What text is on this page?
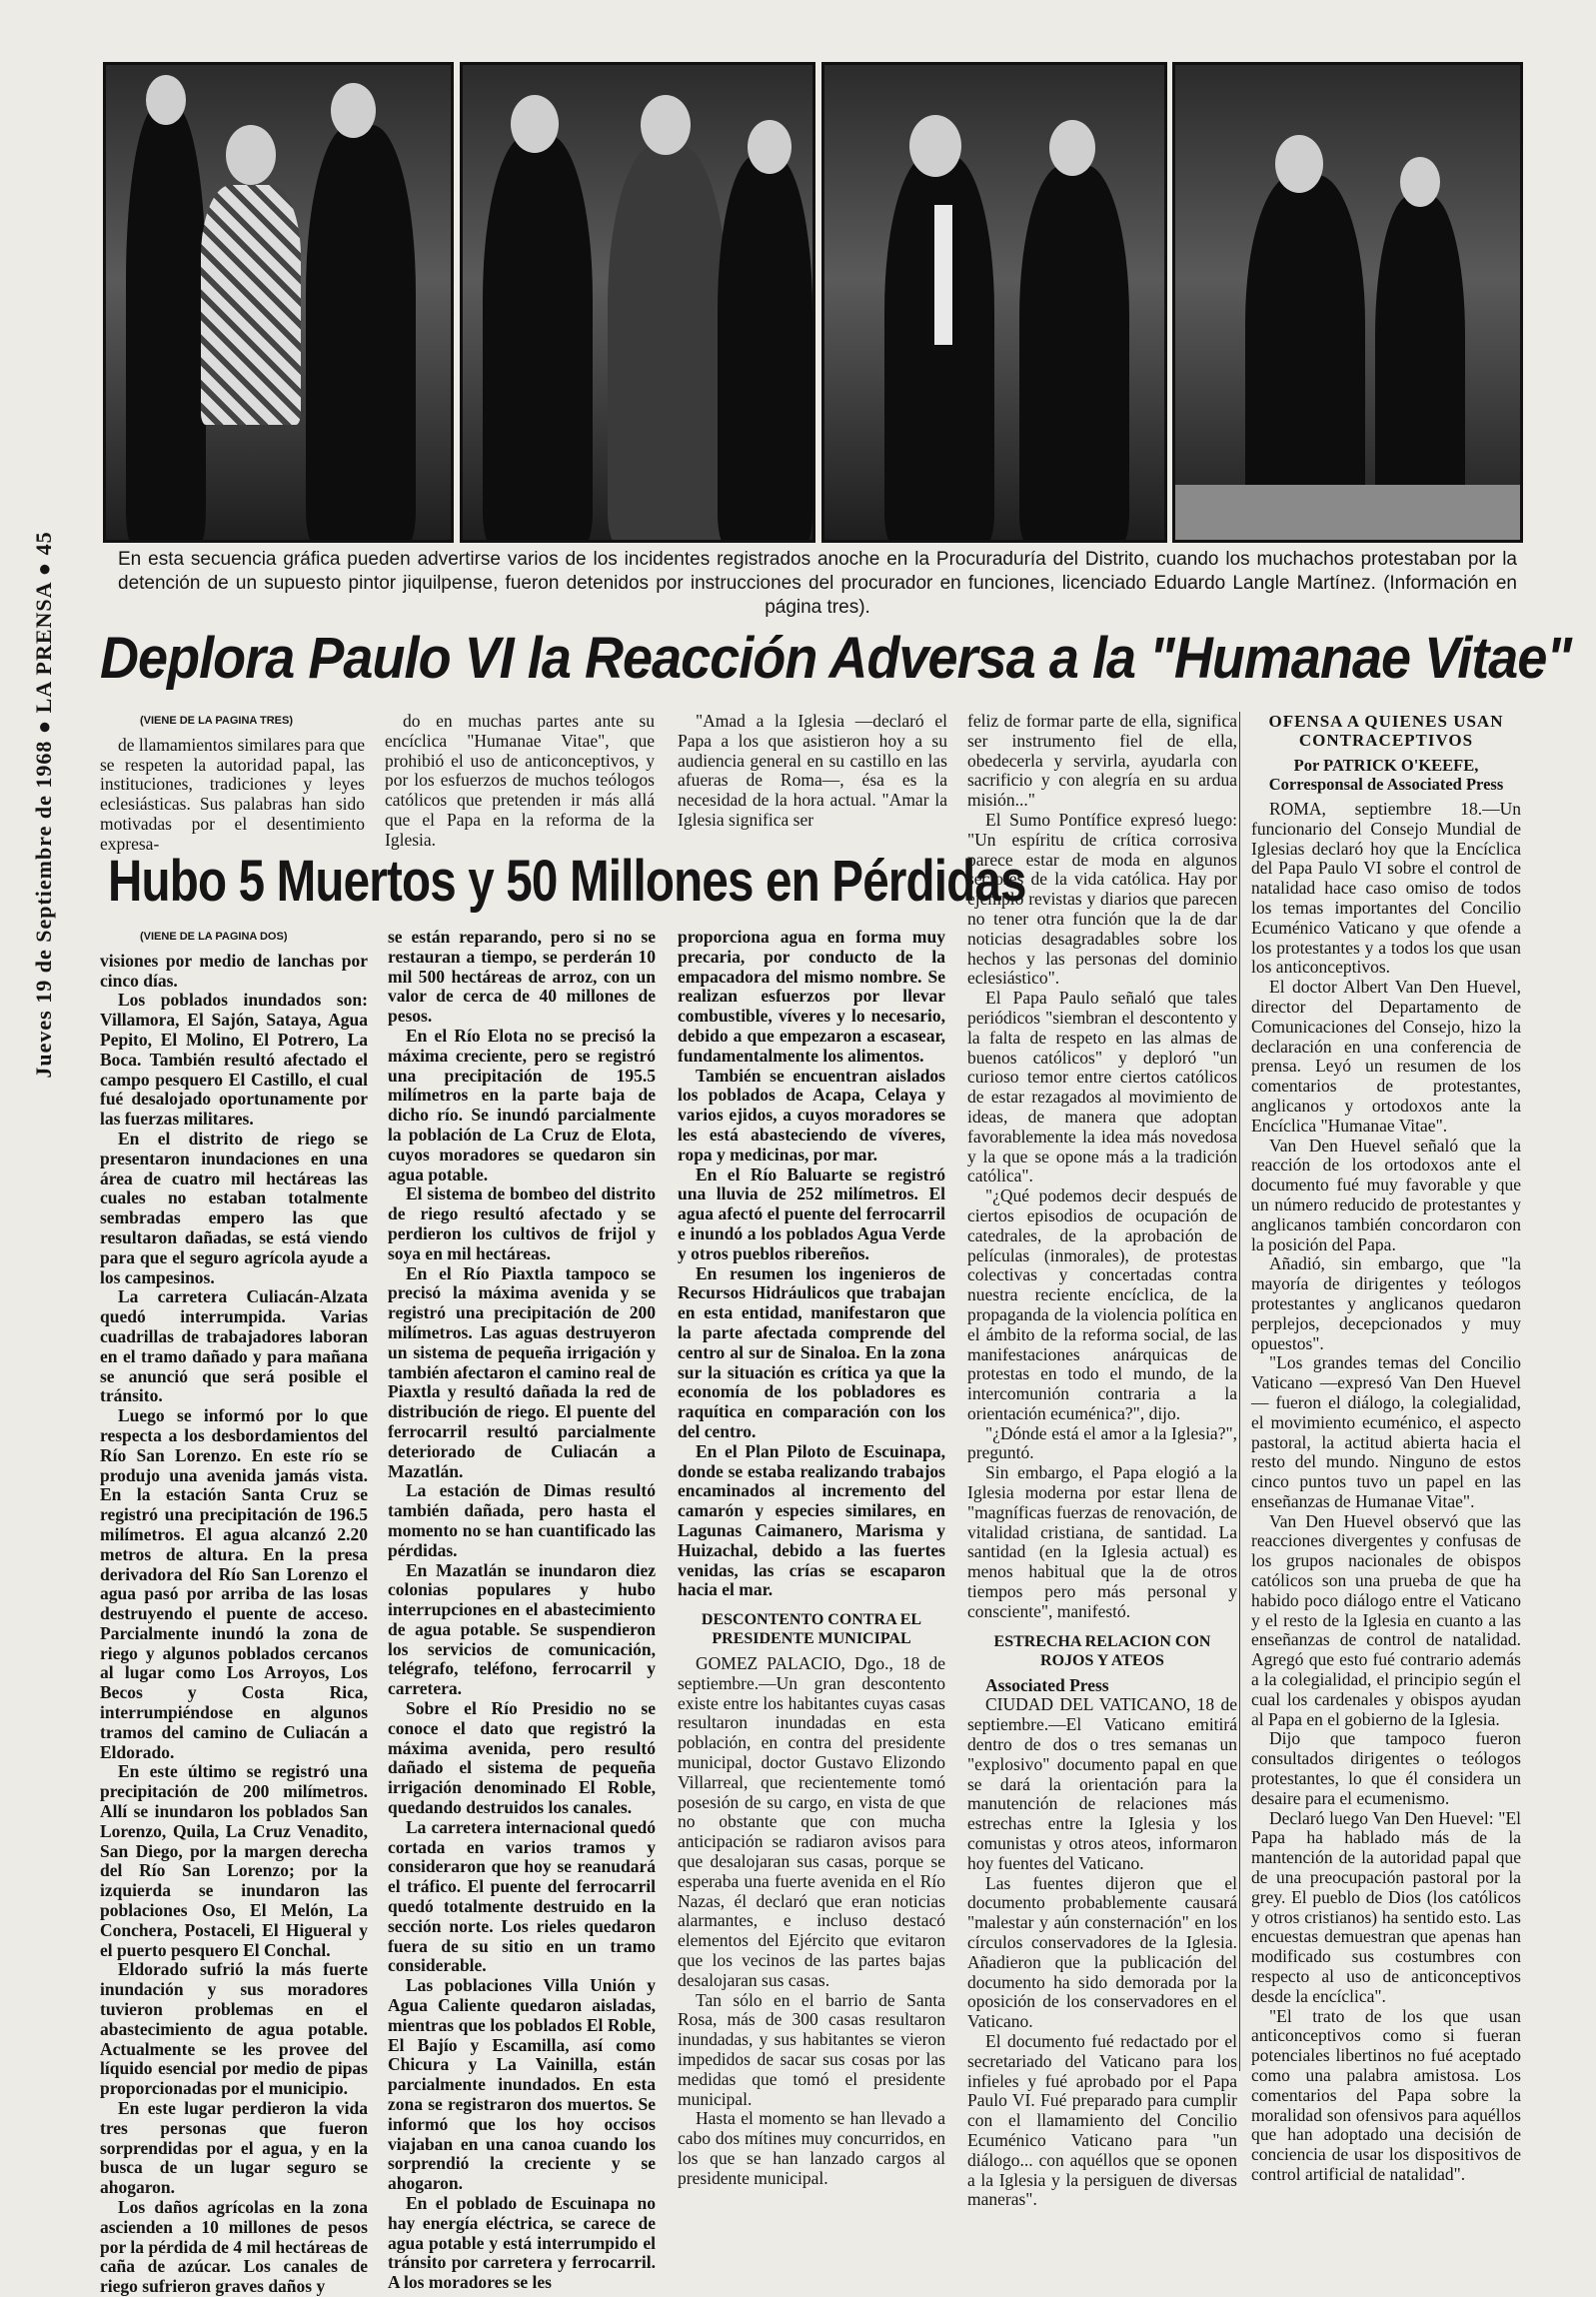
Jueves 19 de Septiembre de 1968 ● LA PRENSA ● 45	En esta secuencia gráfica pueden advertirse varios de los incidentes registrados anoche en la Procuraduría del Distrito, cuando los muchachos protestaban por la detención de un supuesto pintor jiquilpense, fueron detenidos por instrucciones del procurador en funciones, licenciado Eduardo Langle Martínez. (Información en página tres).
Deplora Paulo VI la Reacción Adversa a la "Humanae Vitae"
(VIENE DE LA PAGINA TRES)

de llamamientos similares para que se respeten la autoridad papal, las instituciones, tradiciones y leyes eclesiásticas. Sus palabras han sido motivadas por el desentimiento expresa-

do en muchas partes ante su encíclica "Humanae Vitae", que prohibió el uso de anticonceptivos, y por los esfuerzos de muchos teólogos católicos que pretenden ir más allá que el Papa en la reforma de la Iglesia.

"Amad a la Iglesia —declaró el Papa a los que asistieron hoy a su audiencia general en su castillo en las afueras de Roma—, ésa es la necesidad de la hora actual. "Amar la Iglesia significa ser

feliz de formar parte de ella, significa ser instrumento fiel de ella, obedecerla y servirla, ayudarla con sacrificio y con alegría en su ardua misión..."

El Sumo Pontífice expresó luego: "Un espíritu de crítica corrosiva parece estar de moda en algunos sectores de la vida católica. Hay por ejemplo revistas y diarios que parecen no tener otra función que la de dar noticias desagradables sobre los hechos y las personas del dominio eclesiástico".

El Papa Paulo señaló que tales periódicos "siembran el descontento y la falta de respeto en las almas de buenos católicos" y deploró "un curioso temor entre ciertos católicos de estar rezagados al movimiento de ideas, de manera que adoptan favorablemente la idea más novedosa y la que se opone más a la tradición católica".

"¿Qué podemos decir después de ciertos episodios de ocupación de catedrales, de la aprobación de películas (inmorales), de protestas colectivas y concertadas contra nuestra reciente encíclica, de la propaganda de la violencia política en el ámbito de la reforma social, de las manifestaciones anárquicas de protestas en todo el mundo, de la intercomunión contraria a la orientación ecuménica?", dijo.

"¿Dónde está el amor a la Iglesia?", preguntó.

Sin embargo, el Papa elogió a la Iglesia moderna por estar llena de "magníficas fuerzas de renovación, de vitalidad cristiana, de santidad. La santidad (en la Iglesia actual) es menos habitual que la de otros tiempos pero más personal y consciente", manifestó.

ESTRECHA RELACION CON ROJOS Y ATEOS

Associated Press

CIUDAD DEL VATICANO, 18 de septiembre.—El Vaticano emitirá dentro de dos o tres semanas un "explosivo" documento papal en que se dará la orientación para la manutención de relaciones más estrechas entre la Iglesia y los comunistas y otros ateos, informaron hoy fuentes del Vaticano.

Las fuentes dijeron que el documento probablemente causará "malestar y aún consternación" en los círculos conservadores de la Iglesia. Añadieron que la publicación del documento ha sido demorada por la oposición de los conservadores en el Vaticano.

El documento fué redactado por el secretariado del Vaticano para los infieles y fué aprobado por el Papa Paulo VI. Fué preparado para cumplir con el llamamiento del Concilio Ecuménico Vaticano para "un diálogo... con aquéllos que se oponen a la Iglesia y la persiguen de diversas maneras".

Hubo 5 Muertos y 50 Millones en Pérdidas
(VIENE DE LA PAGINA DOS)

visiones por medio de lanchas por cinco días.

Los poblados inundados son: Villamora, El Sajón, Sataya, Agua Pepito, El Molino, El Potrero, La Boca. También resultó afectado el campo pesquero El Castillo, el cual fué desalojado oportunamente por las fuerzas militares.

En el distrito de riego se presentaron inundaciones en una área de cuatro mil hectáreas las cuales no estaban totalmente sembradas empero las que resultaron dañadas, se está viendo para que el seguro agrícola ayude a los campesinos.

La carretera Culiacán-Alzata quedó interrumpida. Varias cuadrillas de trabajadores laboran en el tramo dañado y para mañana se anunció que será posible el tránsito.

Luego se informó por lo que respecta a los desbordamientos del Río San Lorenzo. En este río se produjo una avenida jamás vista. En la estación Santa Cruz se registró una precipitación de 196.5 milímetros. El agua alcanzó 2.20 metros de altura. En la presa derivadora del Río San Lorenzo el agua pasó por arriba de las losas destruyendo el puente de acceso. Parcialmente inundó la zona de riego y algunos poblados cercanos al lugar como Los Arroyos, Los Becos y Costa Rica, interrumpiéndose en algunos tramos del camino de Culiacán a Eldorado.

En este último se registró una precipitación de 200 milímetros. Allí se inundaron los poblados San Lorenzo, Quila, La Cruz Venadito, San Diego, por la margen derecha del Río San Lorenzo; por la izquierda se inundaron las poblaciones Oso, El Melón, La Conchera, Postaceli, El Higueral y el puerto pesquero El Conchal.

Eldorado sufrió la más fuerte inundación y sus moradores tuvieron problemas en el abastecimiento de agua potable. Actualmente se les provee del líquido esencial por medio de pipas proporcionadas por el municipio.

En este lugar perdieron la vida tres personas que fueron sorprendidas por el agua, y en la busca de un lugar seguro se ahogaron.

Los daños agrícolas en la zona ascienden a 10 millones de pesos por la pérdida de 4 mil hectáreas de caña de azúcar. Los canales de riego sufrieron graves daños y

se están reparando, pero si no se restauran a tiempo, se perderán 10 mil 500 hectáreas de arroz, con un valor de cerca de 40 millones de pesos.

En el Río Elota no se precisó la máxima creciente, pero se registró una precipitación de 195.5 milímetros en la parte baja de dicho río. Se inundó parcialmente la población de La Cruz de Elota, cuyos moradores se quedaron sin agua potable.

El sistema de bombeo del distrito de riego resultó afectado y se perdieron los cultivos de frijol y soya en mil hectáreas.

En el Río Piaxtla tampoco se precisó la máxima avenida y se registró una precipitación de 200 milímetros. Las aguas destruyeron un sistema de pequeña irrigación y también afectaron el camino real de Piaxtla y resultó dañada la red de distribución de riego. El puente del ferrocarril resultó parcialmente deteriorado de Culiacán a Mazatlán.

La estación de Dimas resultó también dañada, pero hasta el momento no se han cuantificado las pérdidas.

En Mazatlán se inundaron diez colonias populares y hubo interrupciones en el abastecimiento de agua potable. Se suspendieron los servicios de comunicación, telégrafo, teléfono, ferrocarril y carretera.

Sobre el Río Presidio no se conoce el dato que registró la máxima avenida, pero resultó dañado el sistema de pequeña irrigación denominado El Roble, quedando destruidos los canales.

La carretera internacional quedó cortada en varios tramos y consideraron que hoy se reanudará el tráfico. El puente del ferrocarril quedó totalmente destruido en la sección norte. Los rieles quedaron fuera de su sitio en un tramo considerable.

Las poblaciones Villa Unión y Agua Caliente quedaron aisladas, mientras que los poblados El Roble, El Bajío y Escamilla, así como Chicura y La Vainilla, están parcialmente inundados. En esta zona se registraron dos muertos. Se informó que los hoy occisos viajaban en una canoa cuando los sorprendió la creciente y se ahogaron.

En el poblado de Escuinapa no hay energía eléctrica, se carece de agua potable y está interrumpido el tránsito por carretera y ferrocarril. A los moradores se les

proporciona agua en forma muy precaria, por conducto de la empacadora del mismo nombre. Se realizan esfuerzos por llevar combustible, víveres y lo necesario, debido a que empezaron a escasear, fundamentalmente los alimentos.

También se encuentran aislados los poblados de Acapa, Celaya y varios ejidos, a cuyos moradores se les está abasteciendo de víveres, ropa y medicinas, por mar.

En el Río Baluarte se registró una lluvia de 252 milímetros. El agua afectó el puente del ferrocarril e inundó a los poblados Agua Verde y otros pueblos ribereños.

En resumen los ingenieros de Recursos Hidráulicos que trabajan en esta entidad, manifestaron que la parte afectada comprende del centro al sur de Sinaloa. En la zona sur la situación es crítica ya que la economía de los pobladores es raquítica en comparación con los del centro.

En el Plan Piloto de Escuinapa, donde se estaba realizando trabajos encaminados al incremento del camarón y especies similares, en Lagunas Caimanero, Marisma y Huizachal, debido a las fuertes venidas, las crías se escaparon hacia el mar.

DESCONTENTO CONTRA EL PRESIDENTE MUNICIPAL

GOMEZ PALACIO, Dgo., 18 de septiembre.—Un gran descontento existe entre los habitantes cuyas casas resultaron inundadas en esta población, en contra del presidente municipal, doctor Gustavo Elizondo Villarreal, que recientemente tomó posesión de su cargo, en vista de que no obstante que con mucha anticipación se radiaron avisos para que desalojaran sus casas, porque se esperaba una fuerte avenida en el Río Nazas, él declaró que eran noticias alarmantes, e incluso destacó elementos del Ejército que evitaron que los vecinos de las partes bajas desalojaran sus casas.

Tan sólo en el barrio de Santa Rosa, más de 300 casas resultaron inundadas, y sus habitantes se vieron impedidos de sacar sus cosas por las medidas que tomó el presidente municipal.

Hasta el momento se han llevado a cabo dos mítines muy concurridos, en los que se han lanzado cargos al presidente municipal.

OFENSA A QUIENES USAN CONTRACEPTIVOS
Por PATRICK O'KEEFE,
Corresponsal de Associated Press

ROMA, septiembre 18.—Un funcionario del Consejo Mundial de Iglesias declaró hoy que la Encíclica del Papa Paulo VI sobre el control de natalidad hace caso omiso de todos los temas importantes del Concilio Ecuménico Vaticano y que ofende a los protestantes y a todos los que usan los anticonceptivos.

El doctor Albert Van Den Huevel, director del Departamento de Comunicaciones del Consejo, hizo la declaración en una conferencia de prensa. Leyó un resumen de los comentarios de protestantes, anglicanos y ortodoxos ante la Encíclica "Humanae Vitae".

Van Den Huevel señaló que la reacción de los ortodoxos ante el documento fué muy favorable y que un número reducido de protestantes y anglicanos también concordaron con la posición del Papa.

Añadió, sin embargo, que "la mayoría de dirigentes y teólogos protestantes y anglicanos quedaron perplejos, decepcionados y muy opuestos".

"Los grandes temas del Concilio Vaticano —expresó Van Den Huevel— fueron el diálogo, la colegialidad, el movimiento ecuménico, el aspecto pastoral, la actitud abierta hacia el resto del mundo. Ninguno de estos cinco puntos tuvo un papel en las enseñanzas de Humanae Vitae".

Van Den Huevel observó que las reacciones divergentes y confusas de los grupos nacionales de obispos católicos son una prueba de que ha habido poco diálogo entre el Vaticano y el resto de la Iglesia en cuanto a las enseñanzas de control de natalidad. Agregó que esto fué contrario además a la colegialidad, el principio según el cual los cardenales y obispos ayudan al Papa en el gobierno de la Iglesia.

Dijo que tampoco fueron consultados dirigentes o teólogos protestantes, lo que él considera un desaire para el ecumenismo.

Declaró luego Van Den Huevel: "El Papa ha hablado más de la mantención de la autoridad papal que de una preocupación pastoral por la grey. El pueblo de Dios (los católicos y otros cristianos) ha sentido esto. Las encuestas demuestran que apenas han modificado sus costumbres con respecto al uso de anticonceptivos desde la encíclica".

"El trato de los que usan anticonceptivos como si fueran potenciales libertinos no fué aceptado como una palabra amistosa. Los comentarios del Papa sobre la moralidad son ofensivos para aquéllos que han adoptado una decisión de conciencia de usar los dispositivos de control artificial de natalidad".
